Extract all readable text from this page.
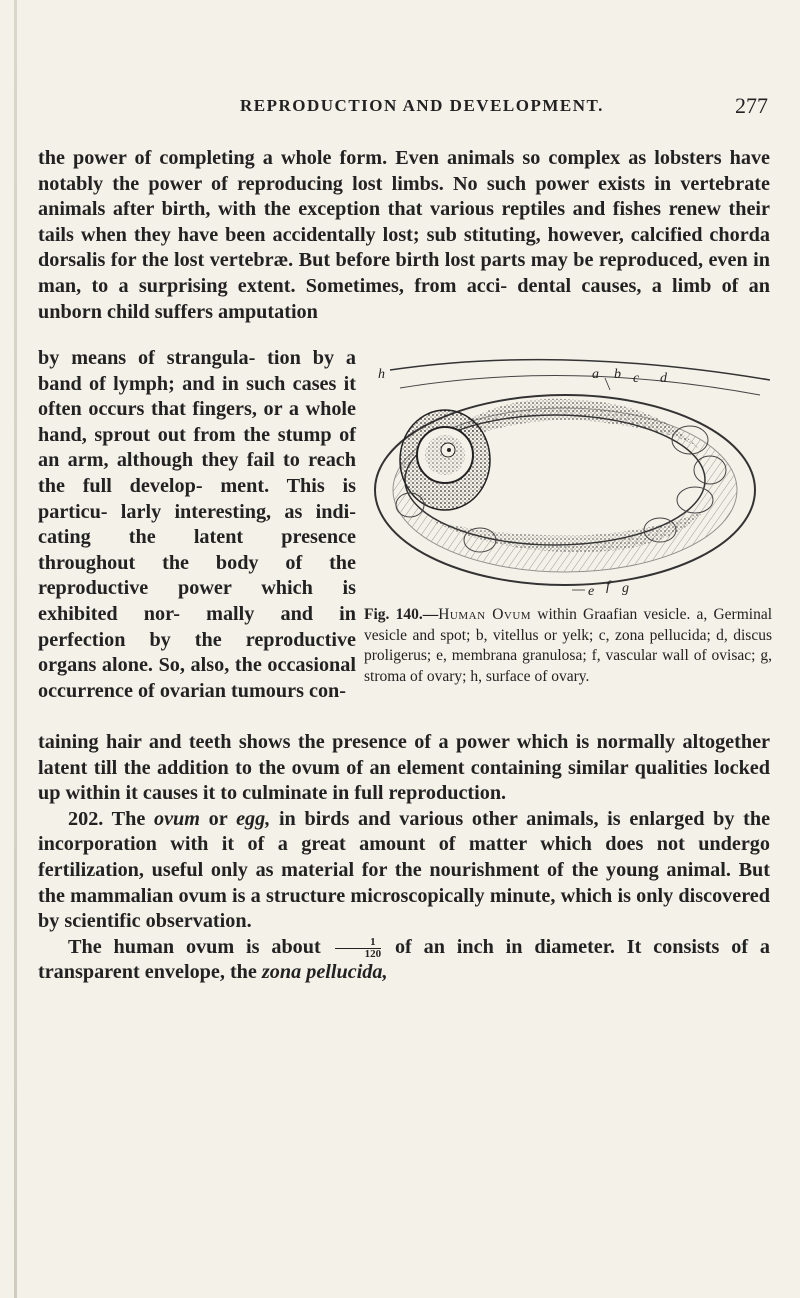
REPRODUCTION AND DEVELOPMENT.	277

the power of completing a whole form. Even animals so complex as lobsters have notably the power of reproducing lost limbs. No such power exists in vertebrate animals after birth, with the exception that various reptiles and fishes renew their tails when they have been accidentally lost; sub stituting, however, calcified chorda dorsalis for the lost vertebræ. But before birth lost parts may be reproduced, even in man, to a surprising extent. Sometimes, from acci- dental causes, a limb of an unborn child suffers amputation

by means of strangula- tion by a band of lymph; and in such cases it often occurs that fingers, or a whole hand, sprout out from the stump of an arm, although they fail to reach the full develop- ment. This is particu- larly interesting, as indi- cating the latent presence throughout the body of the reproductive power which is exhibited nor- mally and in perfection by the reproductive organs alone. So, also, the occasional occurrence of ovarian tumours con-

a b c d
e f g
h

Fig. 140.—Human Ovum within Graafian vesicle. a, Germinal vesicle and spot; b, vitellus or yelk; c, zona pellucida; d, discus proligerus; e, membrana granulosa; f, vascular wall of ovisac; g, stroma of ovary; h, surface of ovary.

taining hair and teeth shows the presence of a power which is normally altogether latent till the addition to the ovum of an element containing similar qualities locked up within it causes it to culminate in full reproduction.

202. The ovum or egg, in birds and various other animals, is enlarged by the incorporation with it of a great amount of matter which does not undergo fertilization, useful only as material for the nourishment of the young animal. But the mammalian ovum is a structure microscopically minute, which is only discovered by scientific observation.

The human ovum is about $\frac{1}{120}$ of an inch in diameter. It consists of a transparent envelope, the zona pellucida,
